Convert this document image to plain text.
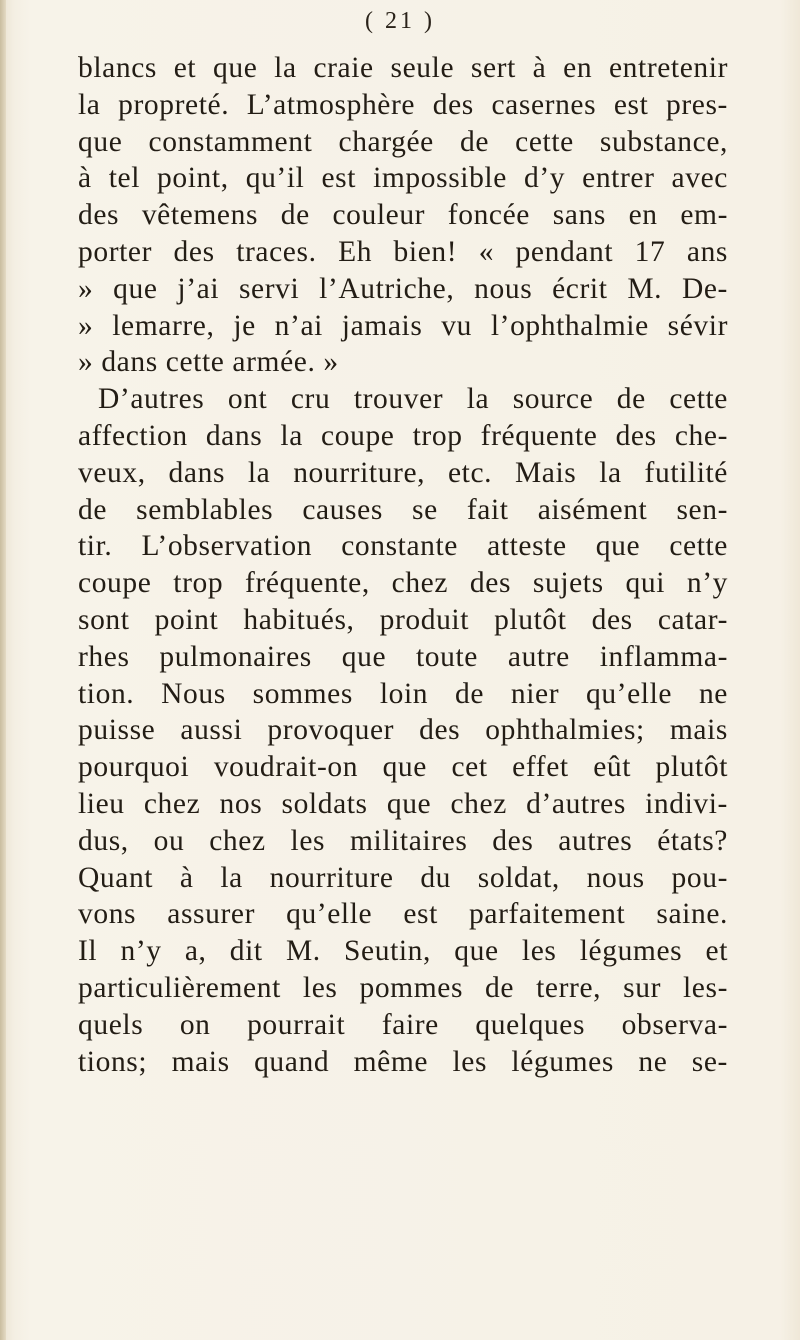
( 21 )
blancs et que la craie seule sert à en entretenir
la propreté. L’atmosphère des casernes est pres-
que constamment chargée de cette substance,
à tel point, qu’il est impossible d’y entrer avec
des vêtemens de couleur foncée sans en em-
porter des traces. Eh bien! « pendant 17 ans
» que j’ai servi l’Autriche, nous écrit M. De-
» lemarre, je n’ai jamais vu l’ophthalmie sévir
» dans cette armée. »
D’autres ont cru trouver la source de cette
affection dans la coupe trop fréquente des che-
veux, dans la nourriture, etc. Mais la futilité
de semblables causes se fait aisément sen-
tir. L’observation constante atteste que cette
coupe trop fréquente, chez des sujets qui n’y
sont point habitués, produit plutôt des catar-
rhes pulmonaires que toute autre inflamma-
tion. Nous sommes loin de nier qu’elle ne
puisse aussi provoquer des ophthalmies; mais
pourquoi voudrait-on que cet effet eût plutôt
lieu chez nos soldats que chez d’autres indivi-
dus, ou chez les militaires des autres états?
Quant à la nourriture du soldat, nous pou-
vons assurer qu’elle est parfaitement saine.
Il n’y a, dit M. Seutin, que les légumes et
particulièrement les pommes de terre, sur les-
quels on pourrait faire quelques observa-
tions; mais quand même les légumes ne se-
